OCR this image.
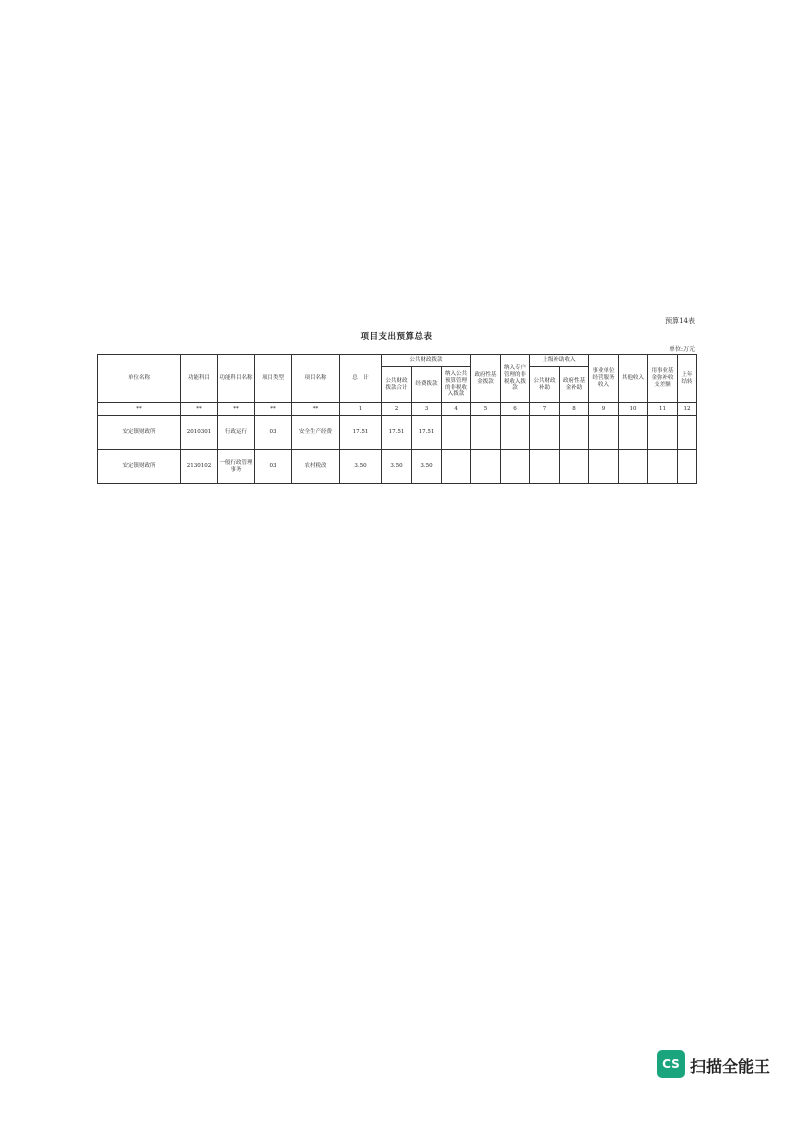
预算14表
项目支出预算总表
单位:万元
单位名称	功能科目	功能科目名称	项目类型	项目名称	总　计	公共财政拨款			政府性基金拨款	纳入专户管理的非税收入拨款	上级补助收入		事业单位经营服务收入	其他收入	用事业基金弥补收支差额	上年结转
						公共财政拨款合计	经费拨款	纳入公共预算管理的非税收入拨款			公共财政补助	政府性基金补助				
**	**	**	**	**	1	2	3	4	5	6	7	8	9	10	11	12
安定镇财政所	2010301	行政运行	03	安全生产经费	17.51	17.51	17.51									
安定镇财政所	2130102	一般行政管理事务	03	农村税改	3.50	3.50	3.50									
CS 扫描全能王
